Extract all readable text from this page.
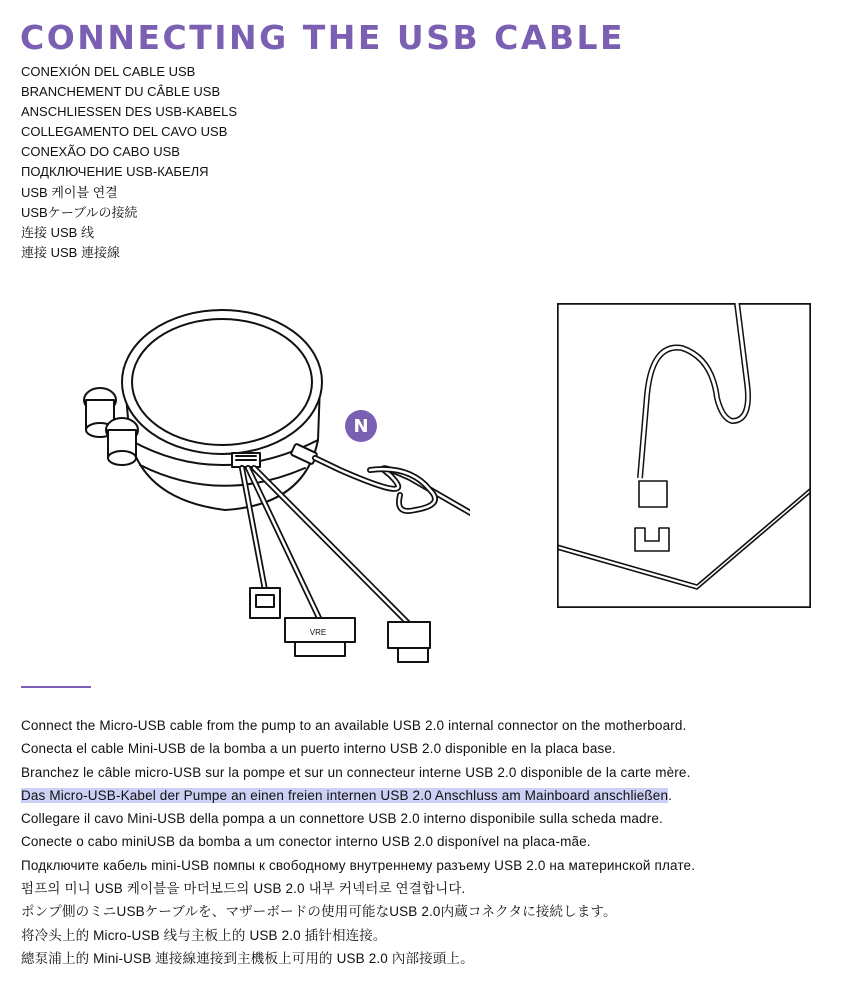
CONNECTING THE USB CABLE
CONEXIÓN DEL CABLE USB
BRANCHEMENT DU CÂBLE USB
ANSCHLIESSEN DES USB-KABELS
COLLEGAMENTO DEL CAVO USB
CONEXÃO DO CABO USB
ПОДКЛЮЧЕНИЕ USB-КАБЕЛЯ
USB 케이블 연결
USBケーブルの接続
连接 USB 线
連接 USB 連接線
VRE
N
Connect the Micro-USB cable from the pump to an available USB 2.0 internal connector on the motherboard.
Conecta el cable Mini-USB de la bomba a un puerto interno USB 2.0 disponible en la placa base.
Branchez le câble micro-USB sur la pompe et sur un connecteur interne USB 2.0 disponible de la carte mère.
Das Micro-USB-Kabel der Pumpe an einen freien internen USB 2.0 Anschluss am Mainboard anschließen.
Collegare il cavo Mini-USB della pompa a un connettore USB 2.0 interno disponibile sulla scheda madre.
Conecte o cabo miniUSB da bomba a um conector interno USB 2.0 disponível na placa-mãe.
Подключите кабель mini-USB помпы к свободному внутреннему разъему USB 2.0 на материнской плате.
펌프의 미니 USB 케이블을 마더보드의 USB 2.0 내부 커넥터로 연결합니다.
ポンプ側のミニUSBケーブルを、マザーボードの使用可能なUSB 2.0内蔵コネクタに接続します。
将冷头上的 Micro-USB 线与主板上的 USB 2.0 插针相连接。
總泵浦上的 Mini-USB 連接線連接到主機板上可用的 USB 2.0 內部接頭上。
